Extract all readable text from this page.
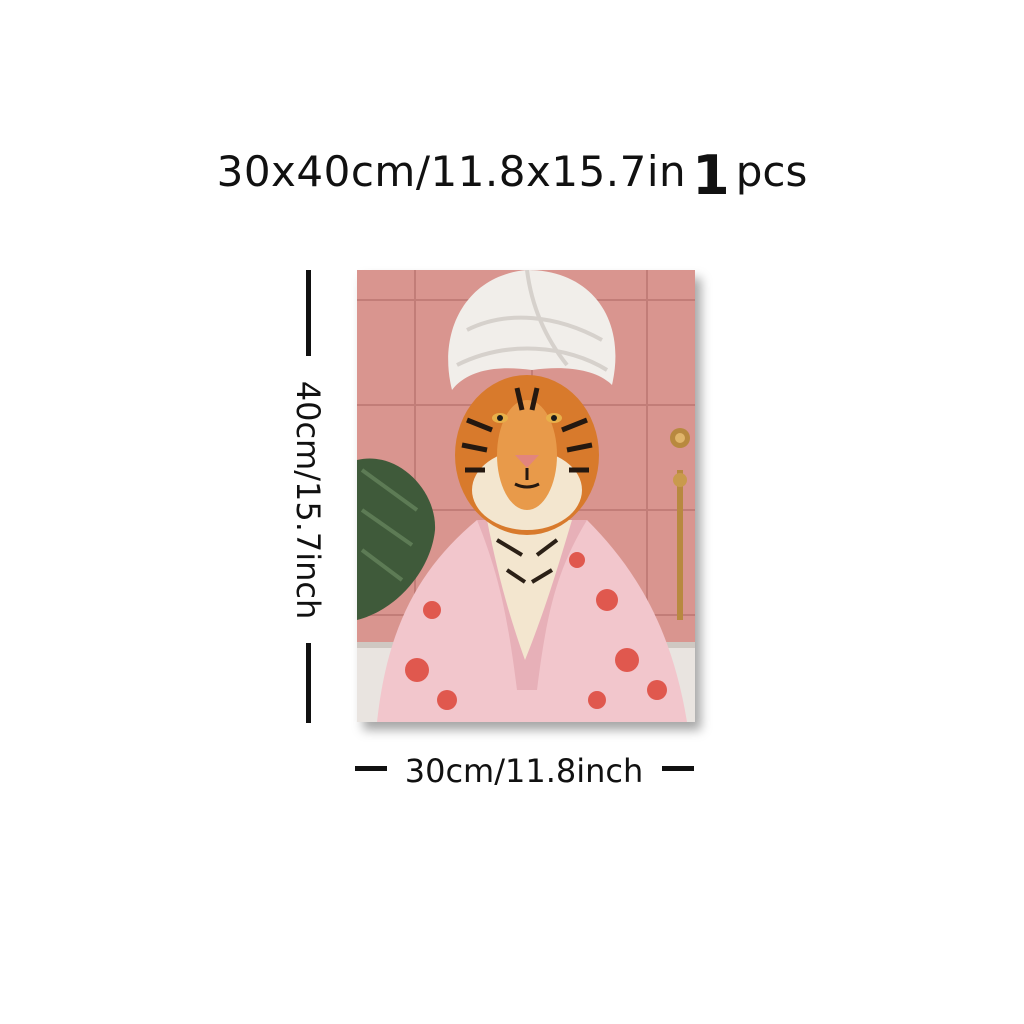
30x40cm/11.8x15.7in 1 pcs
40cm/15.7inch
30cm/11.8inch
